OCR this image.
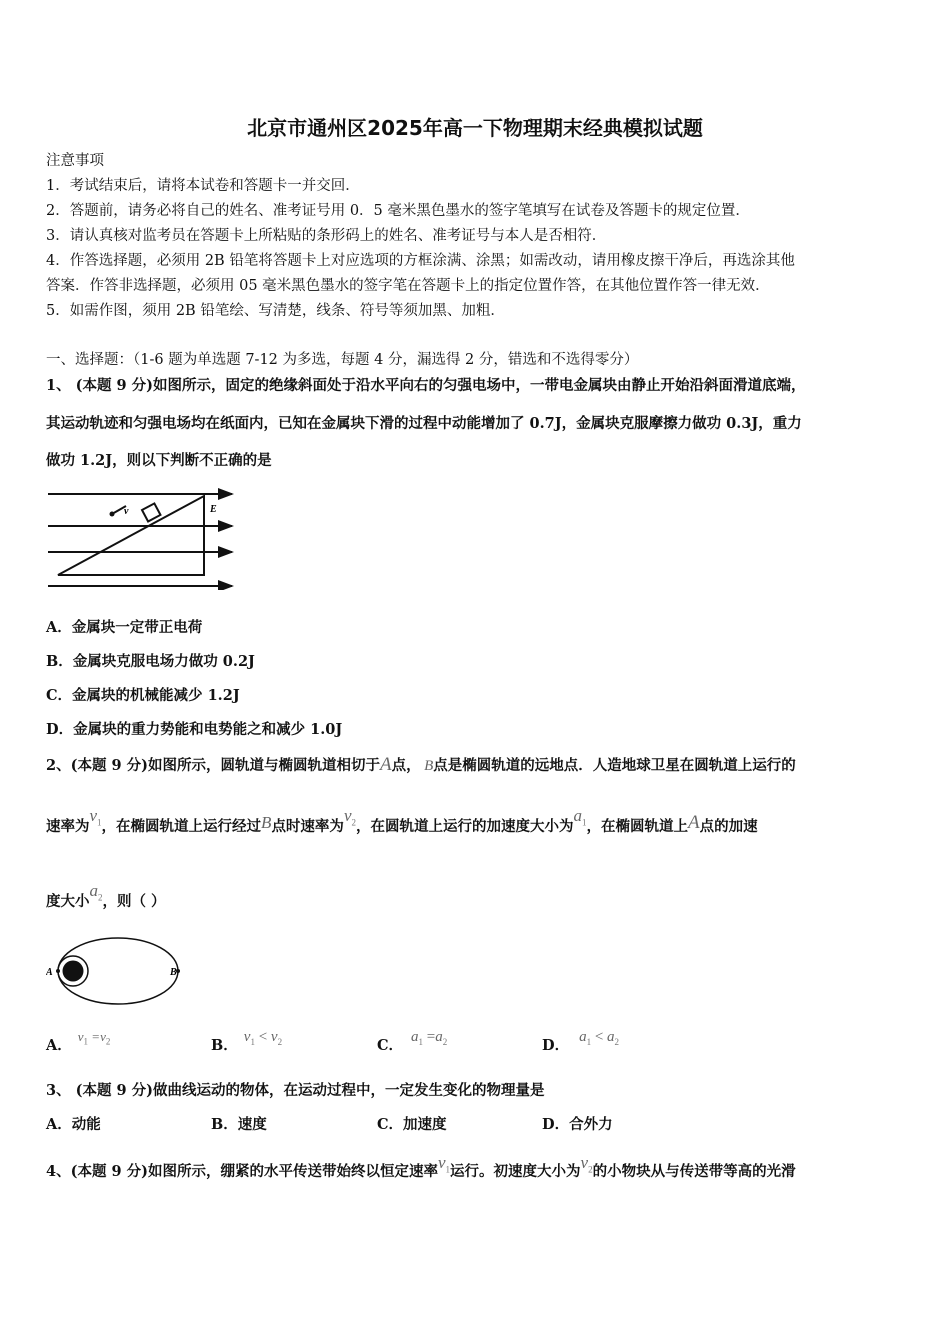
北京市通州区2025年高一下物理期末经典模拟试题
注意事项
1．考试结束后，请将本试卷和答题卡一并交回．
2．答题前，请务必将自己的姓名、准考证号用 0．5 毫米黑色墨水的签字笔填写在试卷及答题卡的规定位置．
3．请认真核对监考员在答题卡上所粘贴的条形码上的姓名、准考证号与本人是否相符．
4．作答选择题，必须用 2B 铅笔将答题卡上对应选项的方框涂满、涂黑；如需改动，请用橡皮擦干净后，再选涂其他
答案．作答非选择题，必须用 05 毫米黑色墨水的签字笔在答题卡上的指定位置作答，在其他位置作答一律无效．
5．如需作图，须用 2B 铅笔绘、写清楚，线条、符号等须加黑、加粗．
一、选择题：（1-6 题为单选题 7-12 为多选，每题 4 分，漏选得 2 分，错选和不选得零分）
1、 (本题 9 分)如图所示，固定的绝缘斜面处于沿水平向右的匀强电场中，一带电金属块由静止开始沿斜面滑道底端，
其运动轨迹和匀强电场均在纸面内，已知在金属块下滑的过程中动能增加了 0.7J，金属块克服摩擦力做功 0.3J，重力
做功 1.2J，则以下判断不正确的是
v	E
A．金属块一定带正电荷
B．金属块克服电场力做功 0.2J
C．金属块的机械能减少 1.2J
D．金属块的重力势能和电势能之和减少 1.0J
2、(本题 9 分)如图所示，圆轨道与椭圆轨道相切于A点， B点是椭圆轨道的远地点．人造地球卫星在圆轨道上运行的
速率为$v_1$，在椭圆轨道上运行经过B点时速率为$v_2$，在圆轨道上运行的加速度大小为$a_1$，在椭圆轨道上A点的加速
度大小$a_2$，则（ ）
A	B
A．$v_1 =v_2$	B． $v_1 < v_2$	C． $a_1 =a_2$	D． $a_1 < a_2$
3、 (本题 9 分)做曲线运动的物体，在运动过程中，一定发生变化的物理量是
A．动能	B．速度	C．加速度	D．合外力
4、(本题 9 分)如图所示，绷紧的水平传送带始终以恒定速率$v_1$运行。初速度大小为$v_2$的小物块从与传送带等高的光滑
